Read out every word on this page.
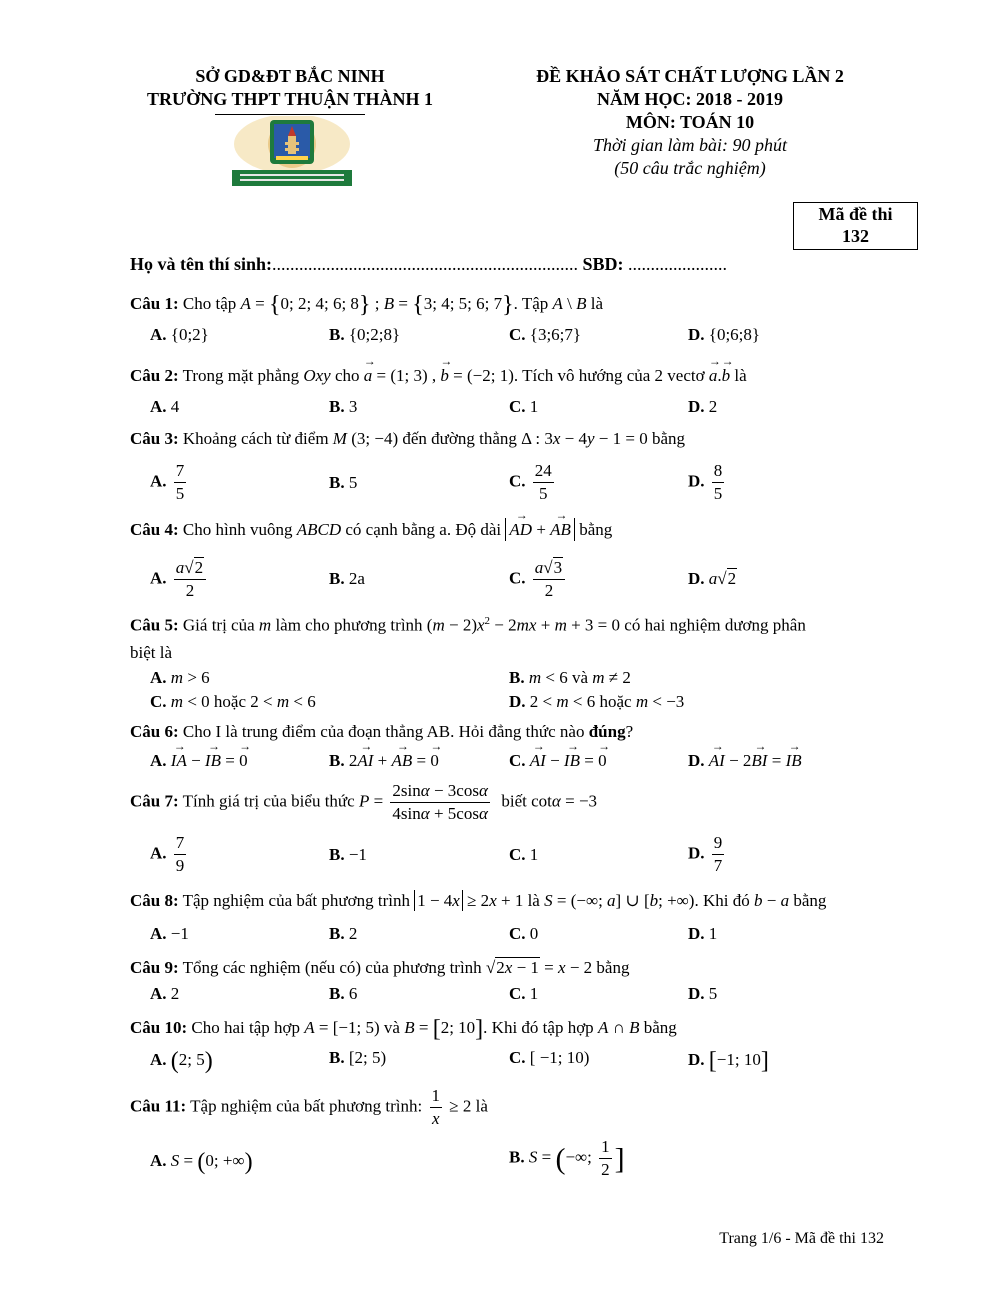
SỞ GD&ĐT BẮC NINH
TRƯỜNG THPT THUẬN THÀNH 1
ĐỀ KHẢO SÁT CHẤT LƯỢNG LẦN 2
NĂM HỌC: 2018 - 2019
MÔN: TOÁN 10
Thời gian làm bài: 90 phút
(50 câu trắc nghiệm)
Mã đề thi
132
Họ và tên thí sinh:.................................................................... SBD: ......................
Câu 1: Cho tập A = {0; 2; 4; 6; 8} ; B = {3; 4; 5; 6; 7}. Tập A \ B là
A. {0;2}	B. {0;2;8}	C. {3;6;7}	D. {0;6;8}
Câu 2: Trong mặt phẳng Oxy cho → a = (1; 3) , → b = (−2; 1). Tích vô hướng của 2 vectơ → a.→ b là
A. 4	B. 3	C. 1	D. 2
Câu 3: Khoảng cách từ điểm M (3; −4) đến đường thẳng Δ : 3x − 4y − 1 = 0 bằng
A. $\frac{7}{5}$	B. 5	C. $\frac{24}{5}$	D. $\frac{8}{5}$
Câu 4: Cho hình vuông ABCD có cạnh bằng a. Độ dài → AD + → AB bằng
A. $\frac{a√2}{2}$	B. 2a	C. $\frac{a√3}{2}$	D. a√2
Câu 5: Giá trị của m làm cho phương trình $(m - 2)x^2 - 2mx + m + 3 = 0$ có hai nghiệm dương phân
biệt là
A. m > 6	B. m < 6 và m ≠ 2
C. m < 0 hoặc 2 < m < 6	D. 2 < m < 6 hoặc m < −3
Câu 6: Cho I là trung điểm của đoạn thẳng AB. Hỏi đẳng thức nào đúng?
A. → IA − → IB = → 0	B. 2→ AI + → AB = → 0	C. → AI − → IB = → 0	D. → AI − 2→ BI = → IB
Câu 7: Tính giá trị của biểu thức $P = \frac{2\sin\alpha - 3\cos\alpha}{4\sin\alpha + 5\cos\alpha}$ biết cotα = −3
A. $\frac{7}{9}$	B. −1	C. 1	D. $\frac{9}{7}$
Câu 8: Tập nghiệm của bất phương trình 1 − 4x ≥ 2x + 1 là S = (−∞; a] ∪ [b; +∞). Khi đó b − a bằng
A. −1	B. 2	C. 0	D. 1
Câu 9: Tổng các nghiệm (nếu có) của phương trình √2x − 1 = x − 2 bằng
A. 2	B. 6	C. 1	D. 5
Câu 10: Cho hai tập hợp A = [−1; 5) và B = [2; 10]. Khi đó tập hợp A ∩ B bằng
A. (2; 5)	B. [2; 5)	C. [ −1; 10)	D. [−1; 10]
Câu 11: Tập nghiệm của bất phương trình: $\frac{1}{x} \ge 2$ là
A. S = (0; +∞)	B. S = (−∞; $\frac{1}{2}$ ]
Trang 1/6 - Mã đề thi 132
